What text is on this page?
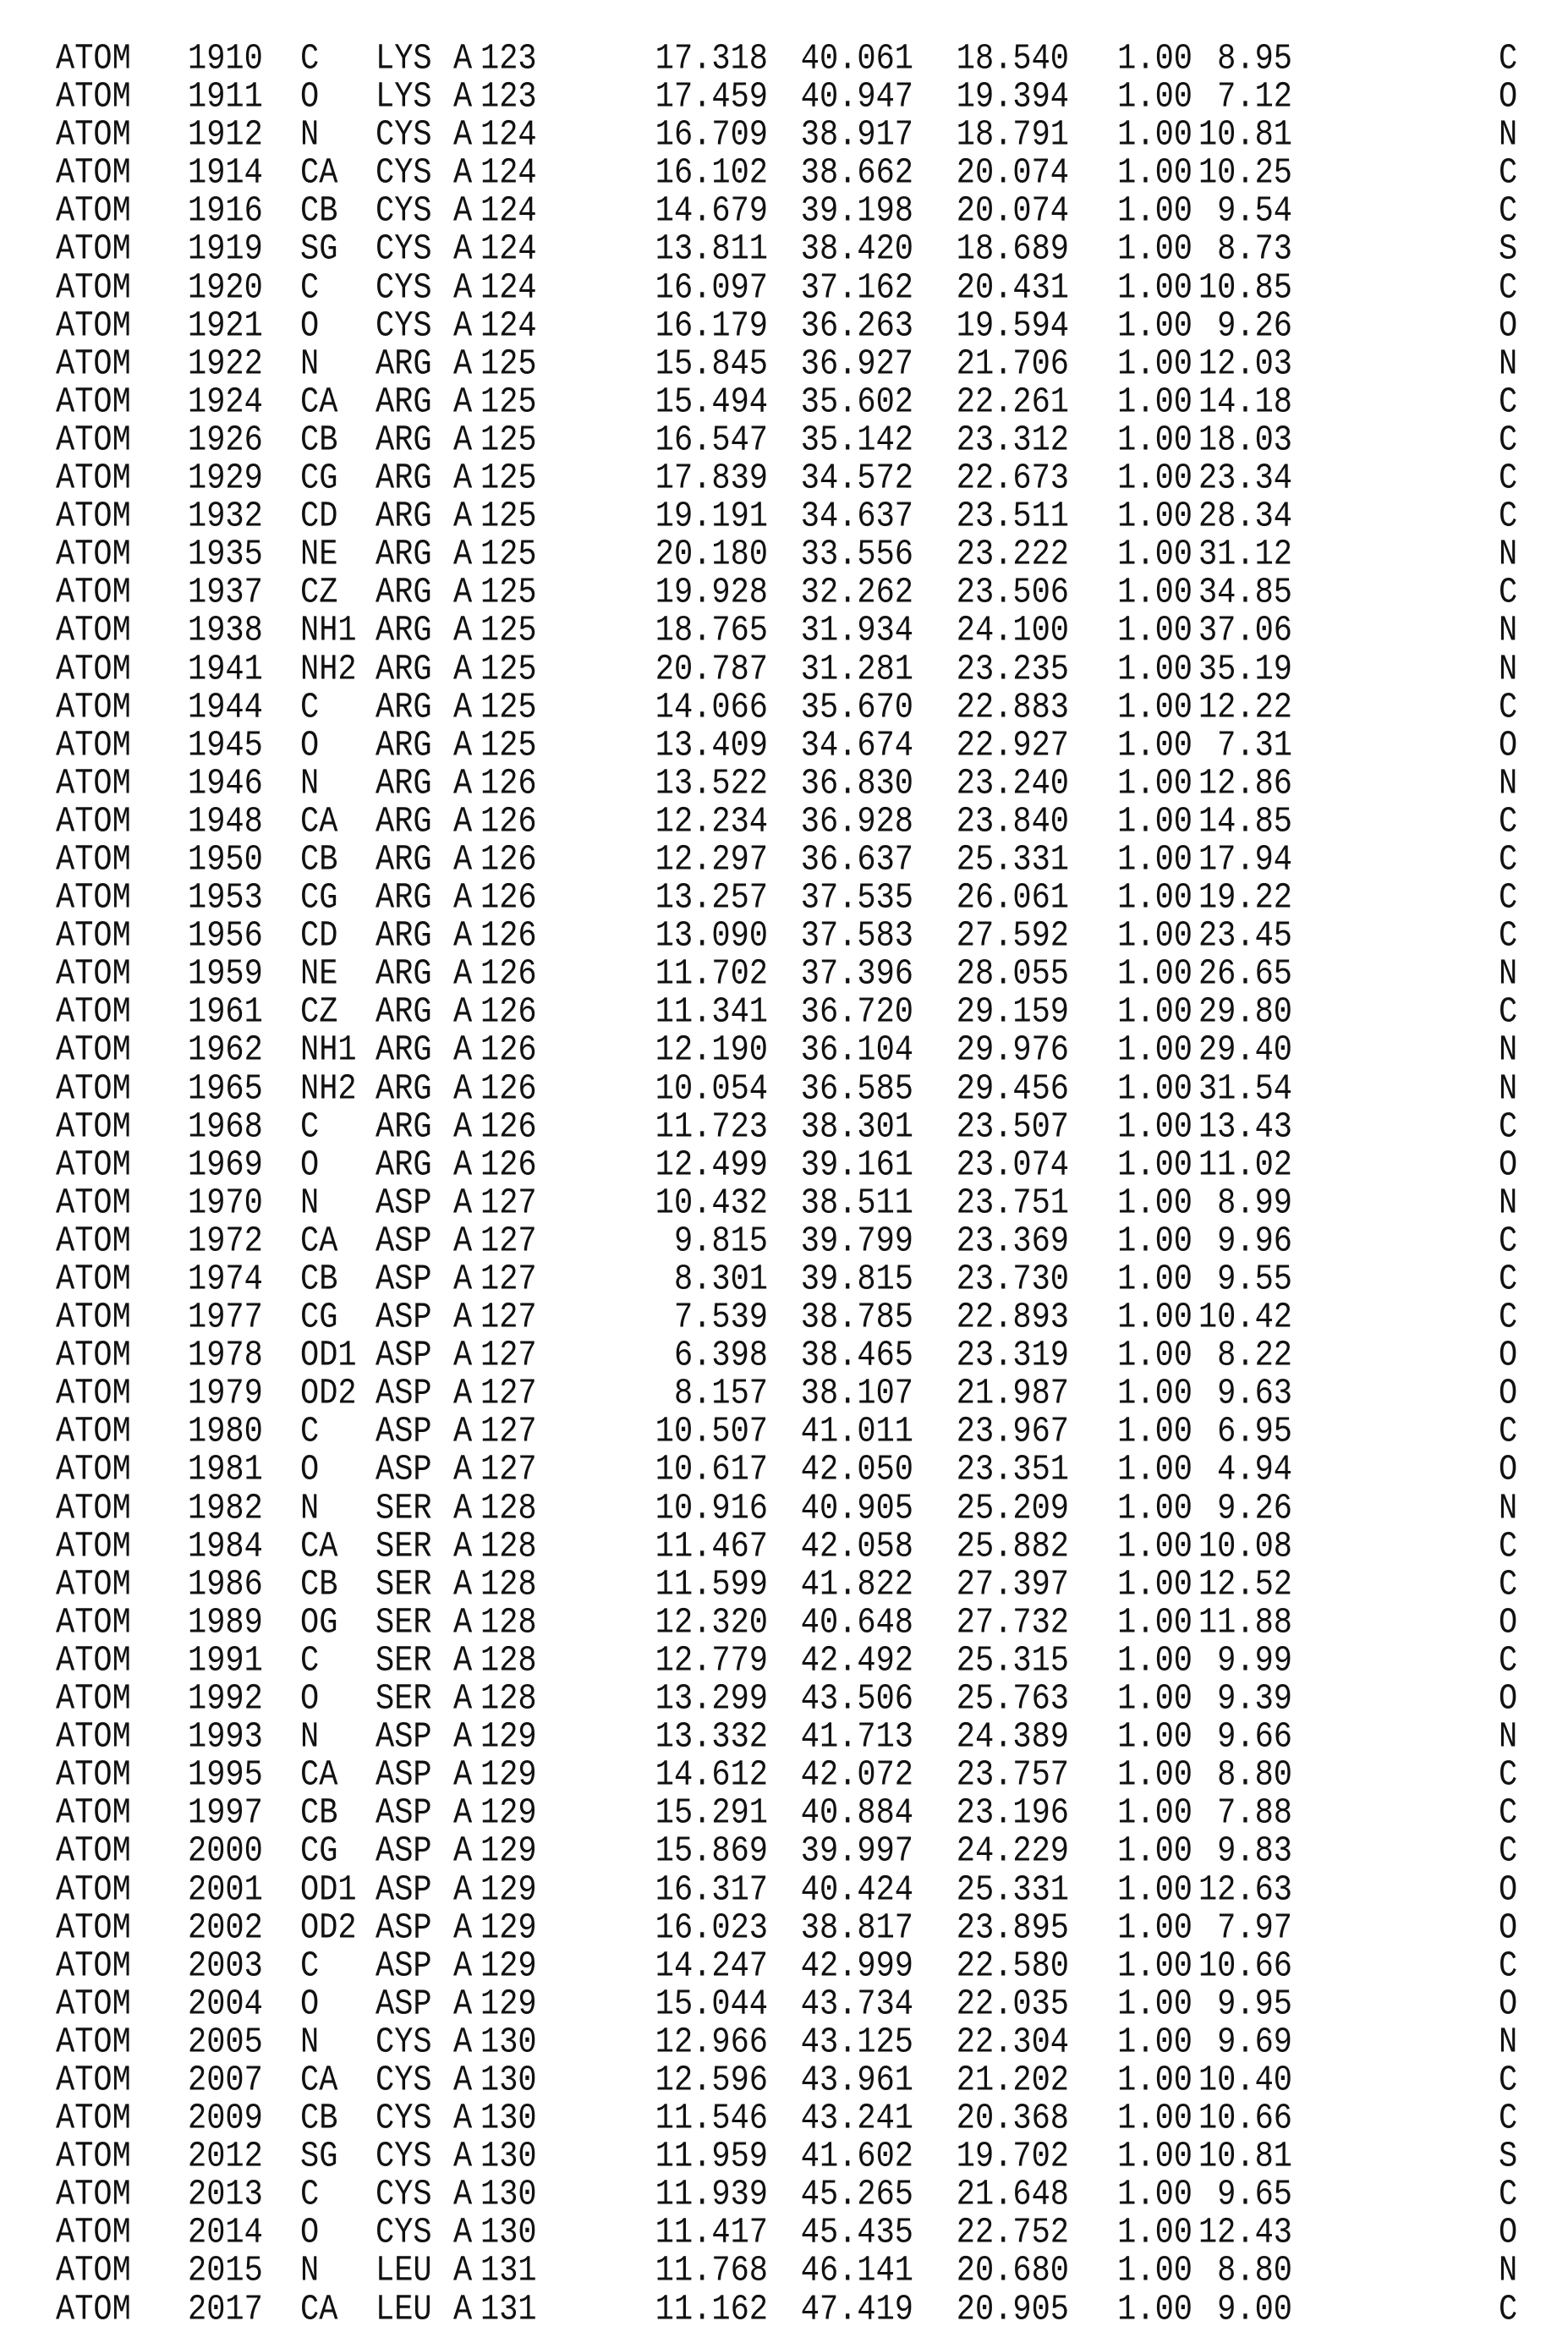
ATOM 1910 C LYS A 123	17.318 40.061 18.540 1.00 8.95	C
ATOM 1911 O LYS A 123	17.459 40.947 19.394 1.00 7.12	O
ATOM 1912 N CYS A 124	16.709 38.917 18.791 1.00 10.81	N
ATOM 1914 CA CYS A 124	16.102 38.662 20.074 1.00 10.25	C
ATOM 1916 CB CYS A 124	14.679 39.198 20.074 1.00 9.54	C
ATOM 1919 SG CYS A 124	13.811 38.420 18.689 1.00 8.73	S
ATOM 1920 C CYS A 124	16.097 37.162 20.431 1.00 10.85	C
ATOM 1921 O CYS A 124	16.179 36.263 19.594 1.00 9.26	O
ATOM 1922 N ARG A 125	15.845 36.927 21.706 1.00 12.03	N
ATOM 1924 CA ARG A 125	15.494 35.602 22.261 1.00 14.18	C
ATOM 1926 CB ARG A 125	16.547 35.142 23.312 1.00 18.03	C
ATOM 1929 CG ARG A 125	17.839 34.572 22.673 1.00 23.34	C
ATOM 1932 CD ARG A 125	19.191 34.637 23.511 1.00 28.34	C
ATOM 1935 NE ARG A 125	20.180 33.556 23.222 1.00 31.12	N
ATOM 1937 CZ ARG A 125	19.928 32.262 23.506 1.00 34.85	C
ATOM 1938 NH1 ARG A 125	18.765 31.934 24.100 1.00 37.06	N
ATOM 1941 NH2 ARG A 125	20.787 31.281 23.235 1.00 35.19	N
ATOM 1944 C ARG A 125	14.066 35.670 22.883 1.00 12.22	C
ATOM 1945 O ARG A 125	13.409 34.674 22.927 1.00 7.31	O
ATOM 1946 N ARG A 126	13.522 36.830 23.240 1.00 12.86	N
ATOM 1948 CA ARG A 126	12.234 36.928 23.840 1.00 14.85	C
ATOM 1950 CB ARG A 126	12.297 36.637 25.331 1.00 17.94	C
ATOM 1953 CG ARG A 126	13.257 37.535 26.061 1.00 19.22	C
ATOM 1956 CD ARG A 126	13.090 37.583 27.592 1.00 23.45	C
ATOM 1959 NE ARG A 126	11.702 37.396 28.055 1.00 26.65	N
ATOM 1961 CZ ARG A 126	11.341 36.720 29.159 1.00 29.80	C
ATOM 1962 NH1 ARG A 126	12.190 36.104 29.976 1.00 29.40	N
ATOM 1965 NH2 ARG A 126	10.054 36.585 29.456 1.00 31.54	N
ATOM 1968 C ARG A 126	11.723 38.301 23.507 1.00 13.43	C
ATOM 1969 O ARG A 126	12.499 39.161 23.074 1.00 11.02	O
ATOM 1970 N ASP A 127	10.432 38.511 23.751 1.00 8.99	N
ATOM 1972 CA ASP A 127	9.815 39.799 23.369 1.00 9.96	C
ATOM 1974 CB ASP A 127	8.301 39.815 23.730 1.00 9.55	C
ATOM 1977 CG ASP A 127	7.539 38.785 22.893 1.00 10.42	C
ATOM 1978 OD1 ASP A 127	6.398 38.465 23.319 1.00 8.22	O
ATOM 1979 OD2 ASP A 127	8.157 38.107 21.987 1.00 9.63	O
ATOM 1980 C ASP A 127	10.507 41.011 23.967 1.00 6.95	C
ATOM 1981 O ASP A 127	10.617 42.050 23.351 1.00 4.94	O
ATOM 1982 N SER A 128	10.916 40.905 25.209 1.00 9.26	N
ATOM 1984 CA SER A 128	11.467 42.058 25.882 1.00 10.08	C
ATOM 1986 CB SER A 128	11.599 41.822 27.397 1.00 12.52	C
ATOM 1989 OG SER A 128	12.320 40.648 27.732 1.00 11.88	O
ATOM 1991 C SER A 128	12.779 42.492 25.315 1.00 9.99	C
ATOM 1992 O SER A 128	13.299 43.506 25.763 1.00 9.39	O
ATOM 1993 N ASP A 129	13.332 41.713 24.389 1.00 9.66	N
ATOM 1995 CA ASP A 129	14.612 42.072 23.757 1.00 8.80	C
ATOM 1997 CB ASP A 129	15.291 40.884 23.196 1.00 7.88	C
ATOM 2000 CG ASP A 129	15.869 39.997 24.229 1.00 9.83	C
ATOM 2001 OD1 ASP A 129	16.317 40.424 25.331 1.00 12.63	O
ATOM 2002 OD2 ASP A 129	16.023 38.817 23.895 1.00 7.97	O
ATOM 2003 C ASP A 129	14.247 42.999 22.580 1.00 10.66	C
ATOM 2004 O ASP A 129	15.044 43.734 22.035 1.00 9.95	O
ATOM 2005 N CYS A 130	12.966 43.125 22.304 1.00 9.69	N
ATOM 2007 CA CYS A 130	12.596 43.961 21.202 1.00 10.40	C
ATOM 2009 CB CYS A 130	11.546 43.241 20.368 1.00 10.66	C
ATOM 2012 SG CYS A 130	11.959 41.602 19.702 1.00 10.81	S
ATOM 2013 C CYS A 130	11.939 45.265 21.648 1.00 9.65	C
ATOM 2014 O CYS A 130	11.417 45.435 22.752 1.00 12.43	O
ATOM 2015 N LEU A 131	11.768 46.141 20.680 1.00 8.80	N
ATOM 2017 CA LEU A 131	11.162 47.419 20.905 1.00 9.00	C
